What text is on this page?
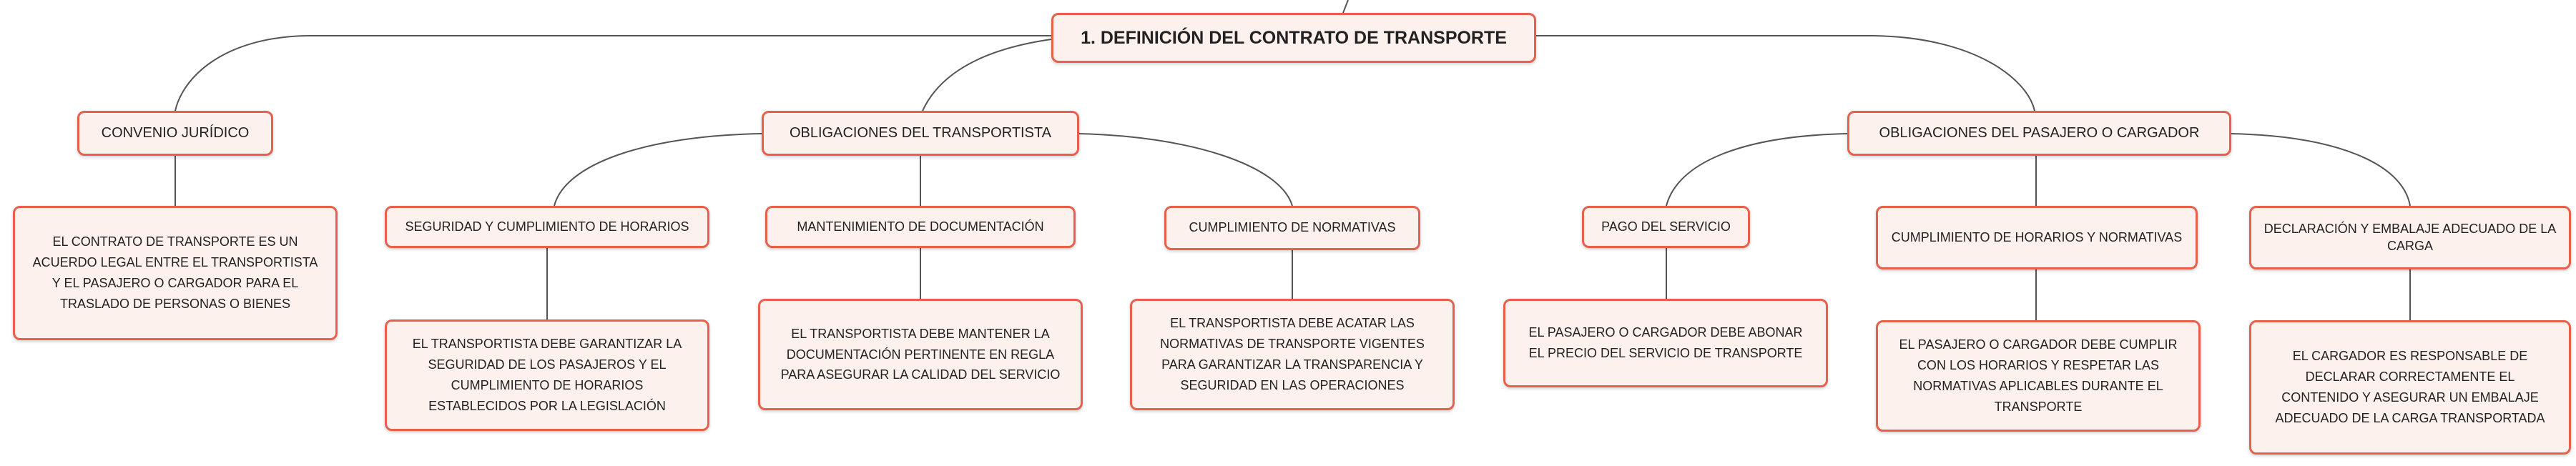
1. DEFINICIÓN DEL CONTRATO DE TRANSPORTE
CONVENIO JURÍDICO	OBLIGACIONES DEL TRANSPORTISTA	OBLIGACIONES DEL PASAJERO O CARGADOR
SEGURIDAD Y CUMPLIMIENTO DE HORARIOS	MANTENIMIENTO DE DOCUMENTACIÓN	CUMPLIMIENTO DE NORMATIVAS	PAGO DEL SERVICIO
CUMPLIMIENTO DE HORARIOS Y NORMATIVAS
DECLARACIÓN Y EMBALAJE ADECUADO DE LA CARGA
EL CONTRATO DE TRANSPORTE ES UN ACUERDO LEGAL ENTRE EL TRANSPORTISTA Y EL PASAJERO O CARGADOR PARA EL TRASLADO DE PERSONAS O BIENES
EL TRANSPORTISTA DEBE GARANTIZAR LA SEGURIDAD DE LOS PASAJEROS Y EL CUMPLIMIENTO DE HORARIOS ESTABLECIDOS POR LA LEGISLACIÓN
EL TRANSPORTISTA DEBE MANTENER LA DOCUMENTACIÓN PERTINENTE EN REGLA PARA ASEGURAR LA CALIDAD DEL SERVICIO
EL TRANSPORTISTA DEBE ACATAR LAS NORMATIVAS DE TRANSPORTE VIGENTES PARA GARANTIZAR LA TRANSPARENCIA Y SEGURIDAD EN LAS OPERACIONES
EL PASAJERO O CARGADOR DEBE ABONAR EL PRECIO DEL SERVICIO DE TRANSPORTE
EL PASAJERO O CARGADOR DEBE CUMPLIR CON LOS HORARIOS Y RESPETAR LAS NORMATIVAS APLICABLES DURANTE EL TRANSPORTE
EL CARGADOR ES RESPONSABLE DE DECLARAR CORRECTAMENTE EL CONTENIDO Y ASEGURAR UN EMBALAJE ADECUADO DE LA CARGA TRANSPORTADA
